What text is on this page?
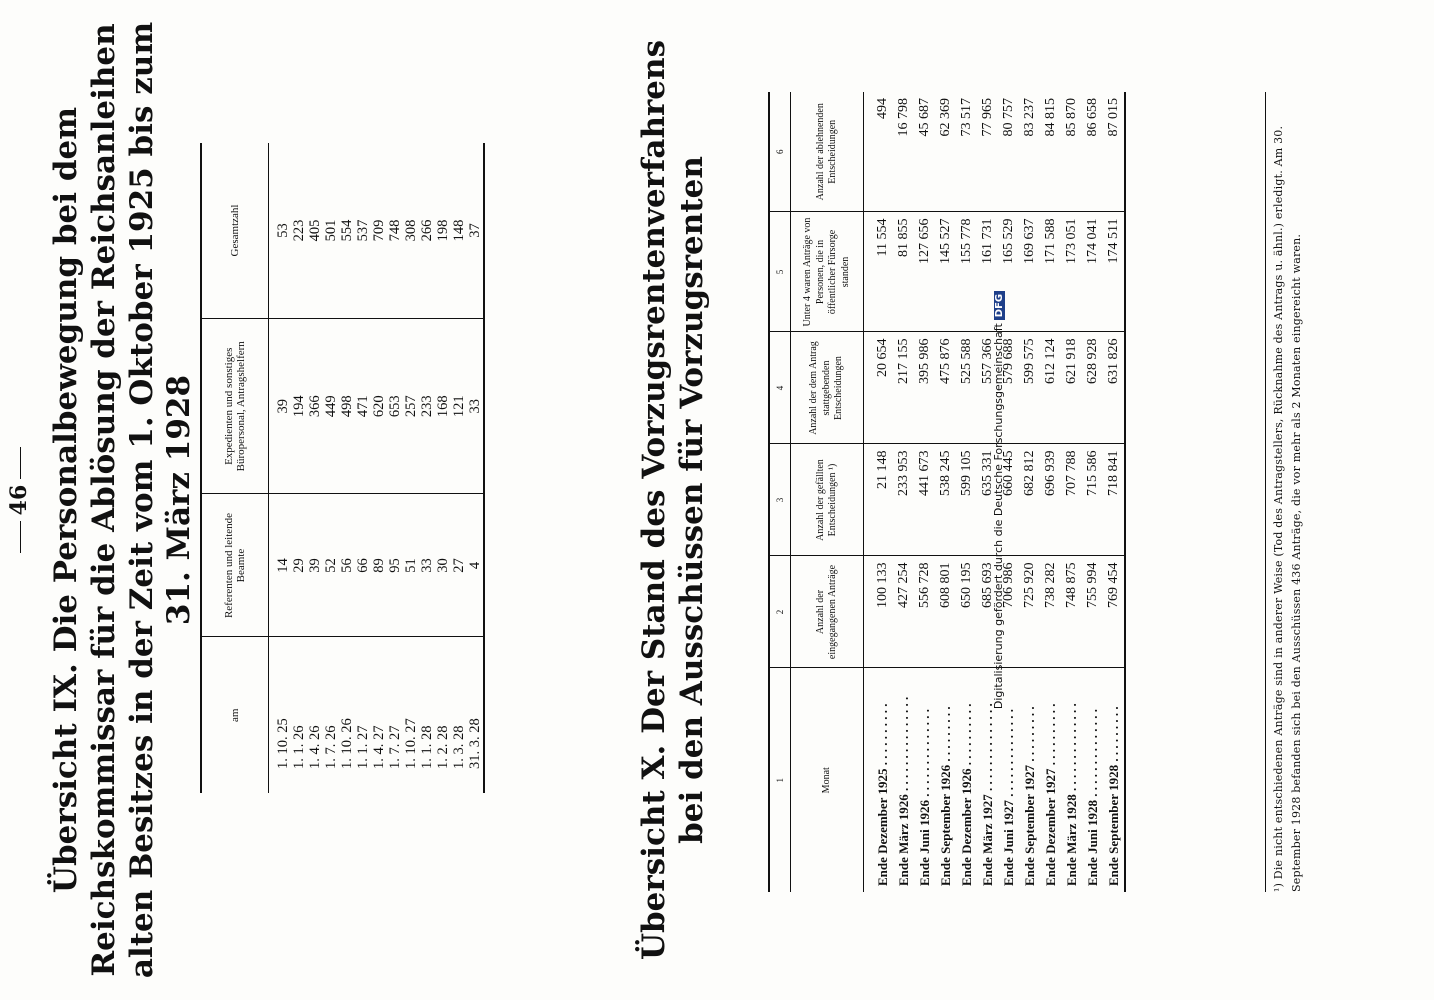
46 Übersicht IX. Die Personalbewegung bei dem Reichskommissar für die Ablösung der Reichsanleihen alten Besitzes in der Zeit vom 1. Oktober 1925 bis zum 31. März 1928
am	Referenten und leitende Beamte	Expedienten und sonstiges Büropersonal, Antragshelfern	Gesamtzahl
1. 10. 25	14	39	53
1. 1. 26	29	194	223
1. 4. 26	39	366	405
1. 7. 26	52	449	501
1. 10. 26	56	498	554
1. 1. 27	66	471	537
1. 4. 27	89	620	709
1. 7. 27	95	653	748
1. 10. 27	51	257	308
1. 1. 28	33	233	266
1. 2. 28	30	168	198
1. 3. 28	27	121	148
31. 3. 28	4	33	37	Übersicht X. Der Stand des Vorzugsrentenverfahrens bei den Ausschüssen für Vorzugsrenten	1	2	3	4	5	6
Monat	Anzahl der eingegangenen Anträge	Anzahl der gefällten Entscheidungen ¹)	Anzahl der dem Antrag stattgebenden Entscheidungen	Unter 4 waren Anträge von Personen, die in öffentlicher Fürsorge standen	Anzahl der ablehnenden Entscheidungen
Ende Dezember 1925 . . . . . . . . . .	100 133	21 148	20 654	11 554	494
Ende März 1926 . . . . . . . . . . . . . . .	427 254	233 953	217 155	81 855	16 798
Ende Juni 1926 . . . . . . . . . . . . . .	556 728	441 673	395 986	127 656	45 687
Ende September 1926 . . . . . . . . .	608 801	538 245	475 876	145 527	62 369
Ende Dezember 1926 . . . . . . . . . .	650 195	599 105	525 588	155 778	73 517
Ende März 1927 . . . . . . . . . . . . . .	685 693	635 331	557 366	161 731	77 965
Ende Juni 1927 . . . . . . . . . . . . . .	706 986	660 445	579 688	165 529	80 757
Ende September 1927 . . . . . . . . .	725 920	682 812	599 575	169 637	83 237
Ende Dezember 1927 . . . . . . . . . .	738 282	696 939	612 124	171 588	84 815
Ende März 1928 . . . . . . . . . . . . . .	748 875	707 788	621 918	173 051	85 870
Ende Juni 1928 . . . . . . . . . . . . . .	755 994	715 586	628 928	174 041	86 658
Ende September 1928 . . . . . . . . .	769 454	718 841	631 826	174 511	87 015
¹) Die nicht entschiedenen Anträge sind in anderer Weise (Tod des Antragstellers, Rücknahme des Antrags u. ähnl.) erledigt. Am 30. September 1928 befanden sich bei den Ausschüssen 436 Anträge, die vor mehr als 2 Monaten eingereicht waren.
Digitalisierung gefördert durch die Deutsche ForschungsgemeinschaftDFG
